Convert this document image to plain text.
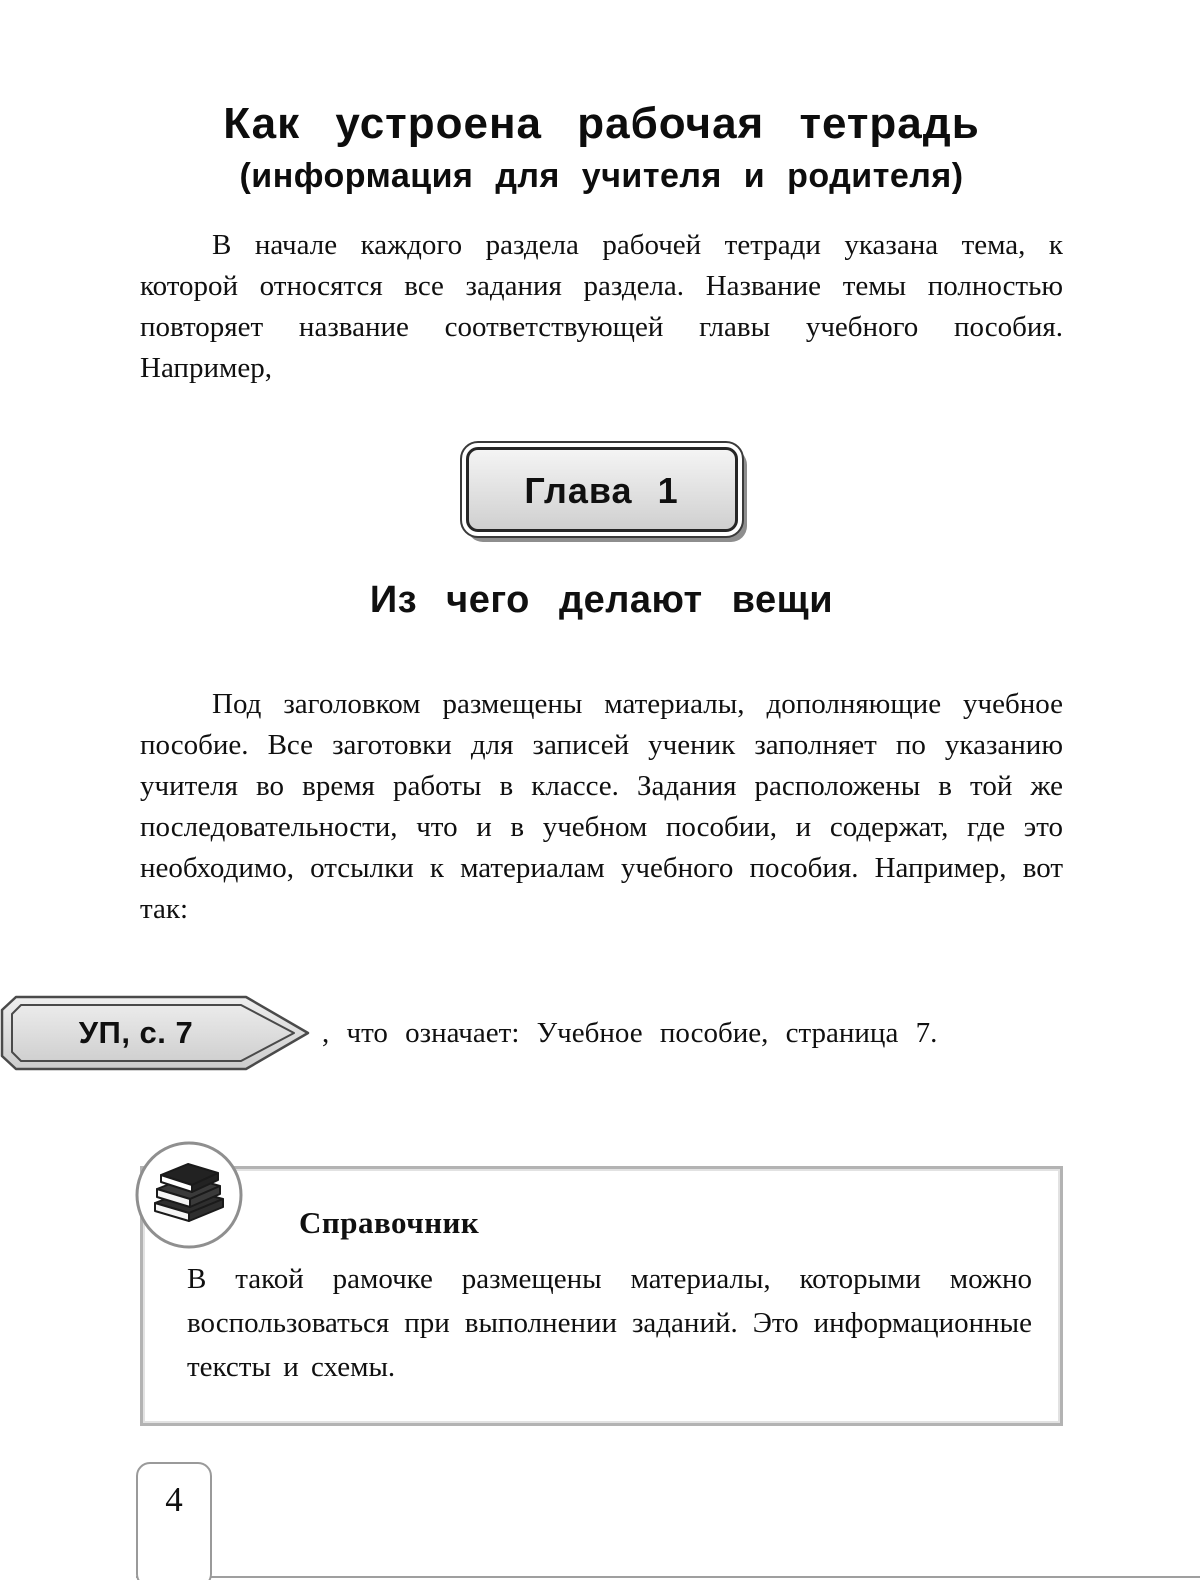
Как устроена рабочая тетрадь
(информация для учителя и родителя)

В начале каждого раздела рабочей тетради указана тема, к которой относятся все задания раздела. Название темы полностью повторяет название соответствующей главы учебного пособия. Например,

Глава 1
Из чего делают вещи

Под заголовком размещены материалы, дополняющие учебное пособие. Все заготовки для записей ученик заполняет по указанию учителя во время работы в классе. Задания расположены в той же последовательности, что и в учебном пособии, и содержат, где это необходимо, отсылки к материалам учебного пособия. Например, вот так:

УП, с. 7	, что означает: Учебное пособие, страница 7.
Справочник

В такой рамочке размещены материалы, которыми можно воспользоваться при выполнении заданий. Это информационные тексты и схемы.

4
